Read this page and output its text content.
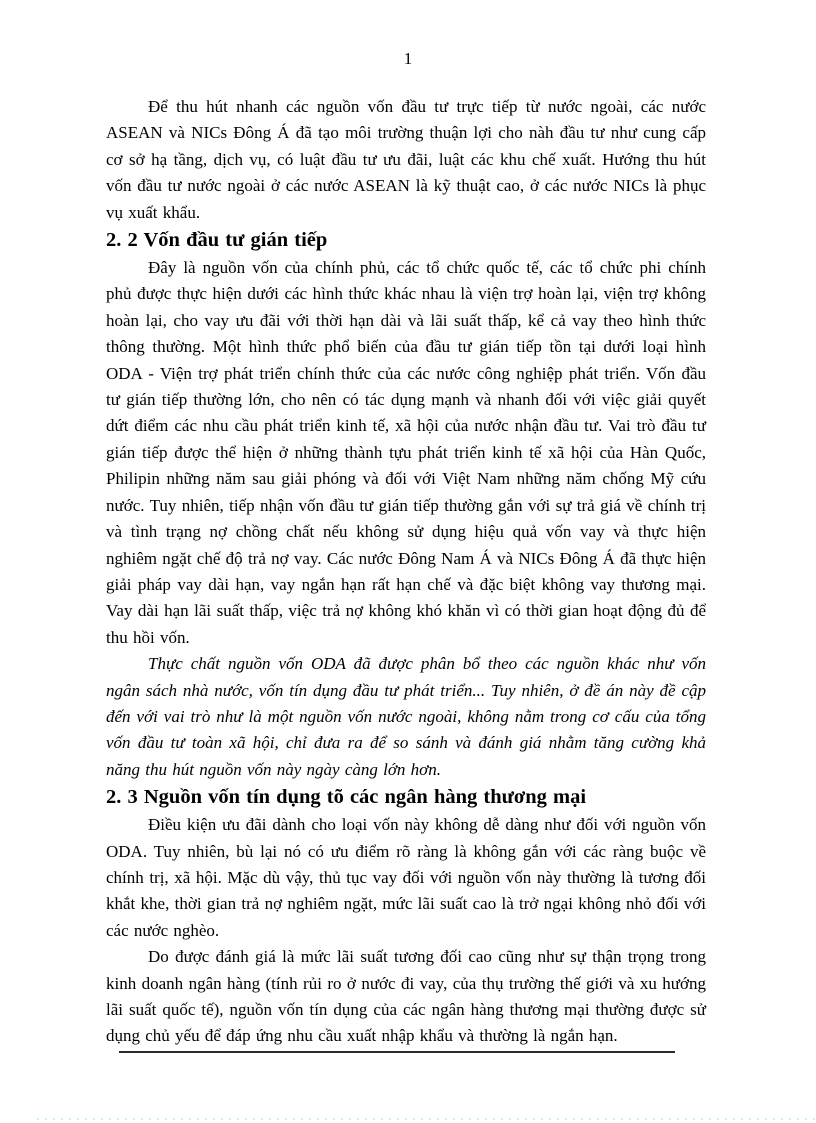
1

Để thu hút nhanh các nguồn vốn đầu tư trực tiếp từ nước ngoài, các nước ASEAN và NICs Đông Á đã tạo môi trường thuận lợi cho nàh đầu tư như cung cấp cơ sở hạ tầng, dịch vụ, có luật đầu tư ưu đãi, luật các khu chế xuất. Hướng thu hút vốn đầu tư nước ngoài ở các nước ASEAN là kỹ thuật cao, ở các nước NICs là phục vụ xuất khẩu.

2. 2 Vốn đầu tư gián tiếp

Đây là nguồn vốn của chính phủ, các tổ chức quốc tế, các tổ chức phi chính phủ được thực hiện dưới các hình thức khác nhau là viện trợ hoàn lại, viện trợ không hoàn lại, cho vay ưu đãi với thời hạn dài và lãi suất thấp, kể cả vay theo hình thức thông thường. Một hình thức phổ biến của đầu tư gián tiếp tồn tại dưới loại hình ODA - Viện trợ phát triển chính thức của các nước công nghiệp phát triển. Vốn đầu tư gián tiếp thường lớn, cho nên có tác dụng mạnh và nhanh đối với việc giải quyết dứt điểm các nhu cầu phát triển kinh tế, xã hội của nước nhận đầu tư. Vai trò đầu tư gián tiếp được thể hiện ở những thành tựu phát triển kinh tế xã hội của Hàn Quốc, Philipin những năm sau giải phóng và đối với Việt Nam những năm chống Mỹ cứu nước. Tuy nhiên, tiếp nhận vốn đầu tư gián tiếp thường gắn với sự trả giá về chính trị và tình trạng nợ chồng chất nếu không sử dụng hiệu quả vốn vay và thực hiện nghiêm ngặt chế độ trả nợ vay. Các nước Đông Nam Á và NICs Đông Á đã thực hiện giải pháp vay dài hạn, vay ngắn hạn rất hạn chế và đặc biệt không vay thương mại. Vay dài hạn lãi suất thấp, việc trả nợ không khó khăn vì có thời gian hoạt động đủ để thu hồi vốn.

Thực chất nguồn vốn ODA đã được phân bổ theo các nguồn khác như vốn ngân sách nhà nước, vốn tín dụng đầu tư phát triển... Tuy nhiên, ở đề án này đề cập đến với vai trò như là một nguồn vốn nước ngoài, không nằm trong cơ cấu của tổng vốn đầu tư toàn xã hội, chỉ đưa ra để so sánh và đánh giá nhằm tăng cường khả năng thu hút nguồn vốn này ngày càng lớn hơn.

2. 3 Nguồn vốn tín dụng tõ các ngân hàng thương mại

Điều kiện ưu đãi dành cho loại vốn này không dễ dàng như đối với nguồn vốn ODA. Tuy nhiên, bù lại nó có ưu điểm rõ ràng là không gắn với các ràng buộc về chính trị, xã hội. Mặc dù vậy, thủ tục vay đối với nguồn vốn này thường là tương đối khắt khe, thời gian trả nợ nghiêm ngặt, mức lãi suất cao là trở ngại không nhỏ đối với các nước nghèo.

Do được đánh giá là mức lãi suất tương đối cao cũng như sự thận trọng trong kinh doanh ngân hàng (tính rủi ro ở nước đi vay, của thụ trường thế giới và xu hướng lãi suất quốc tế), nguồn vốn tín dụng của các ngân hàng thương mại thường được sử dụng chủ yếu để đáp ứng nhu cầu xuất nhập khẩu và thường là ngắn hạn.
